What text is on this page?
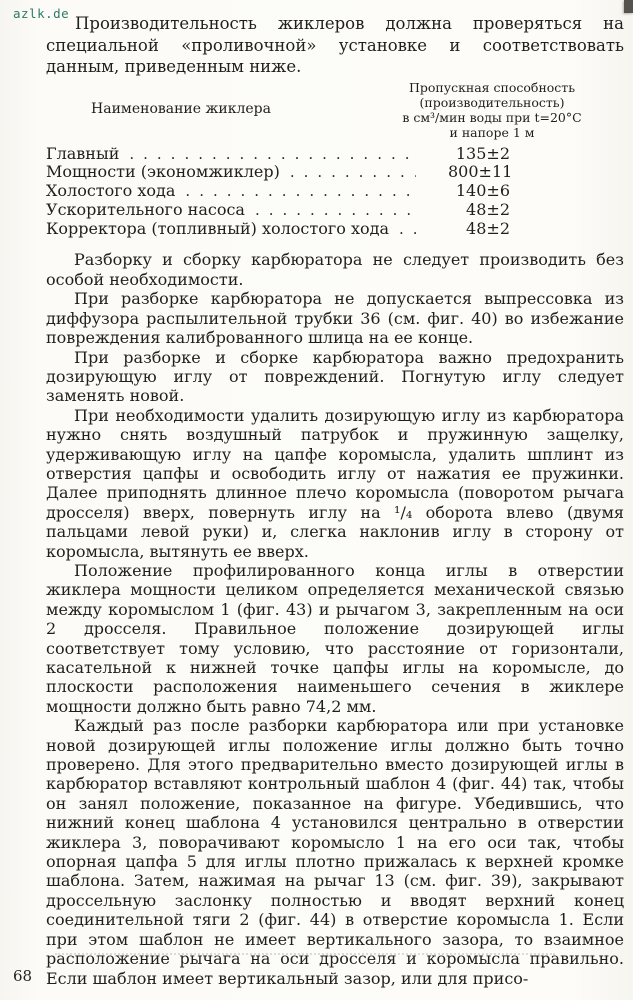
azlk.de

Производительность жиклеров должна проверяться на специальной «проливочной» установке и соответствовать данным, приведенным ниже.

Наименование жиклера
Пропускная способность
(производительность)
в см³/мин воды при t=20°С
и напоре 1 м
Главный .....	135±2
Мощности (экономжиклер) .....	800±11
Холостого хода .....	140±6
Ускорительного насоса .....	48±2
Корректора (топливный) холостого хода .....	48±2

Разборку и сборку карбюратора не следует производить без особой необходимости.

При разборке карбюратора не допускается выпрессовка из диффузора распылительной трубки 36 (см. фиг. 40) во избежание повреждения калиброванного шлица на ее конце.

При разборке и сборке карбюратора важно предохранить дозирующую иглу от повреждений. Погнутую иглу следует заменять новой.

При необходимости удалить дозирующую иглу из карбюратора нужно снять воздушный патрубок и пружинную защелку, удерживающую иглу на цапфе коромысла, удалить шплинт из отверстия цапфы и освободить иглу от нажатия ее пружинки. Далее приподнять длинное плечо коромысла (поворотом рычага дросселя) вверх, повернуть иглу на ¹/₄ оборота влево (двумя пальцами левой руки) и, слегка наклонив иглу в сторону от коромысла, вытянуть ее вверх.

Положение профилированного конца иглы в отверстии жиклера мощности целиком определяется механической связью между коромыслом 1 (фиг. 43) и рычагом 3, закрепленным на оси 2 дросселя. Правильное положение дозирующей иглы соответствует тому условию, что расстояние от горизонтали, касательной к нижней точке цапфы иглы на коромысле, до плоскости расположения наименьшего сечения в жиклере мощности должно быть равно 74,2 мм.

Каждый раз после разборки карбюратора или при установке новой дозирующей иглы положение иглы должно быть точно проверено. Для этого предварительно вместо дозирующей иглы в карбюратор вставляют контрольный шаблон 4 (фиг. 44) так, чтобы он занял положение, показанное на фигуре. Убедившись, что нижний конец шаблона 4 установился центрально в отверстии жиклера 3, поворачивают коромысло 1 на его оси так, чтобы опорная цапфа 5 для иглы плотно прижалась к верхней кромке шаблона. Затем, нажимая на рычаг 13 (см. фиг. 39), закрывают дроссельную заслонку полностью и вводят верхний конец соединительной тяги 2 (фиг. 44) в отверстие коромысла 1. Если при этом шаблон не имеет вертикального зазора, то взаимное расположение рычага на оси дросселя и коромысла правильно. Если шаблон имеет вертикальный зазор, или для присо-

68
